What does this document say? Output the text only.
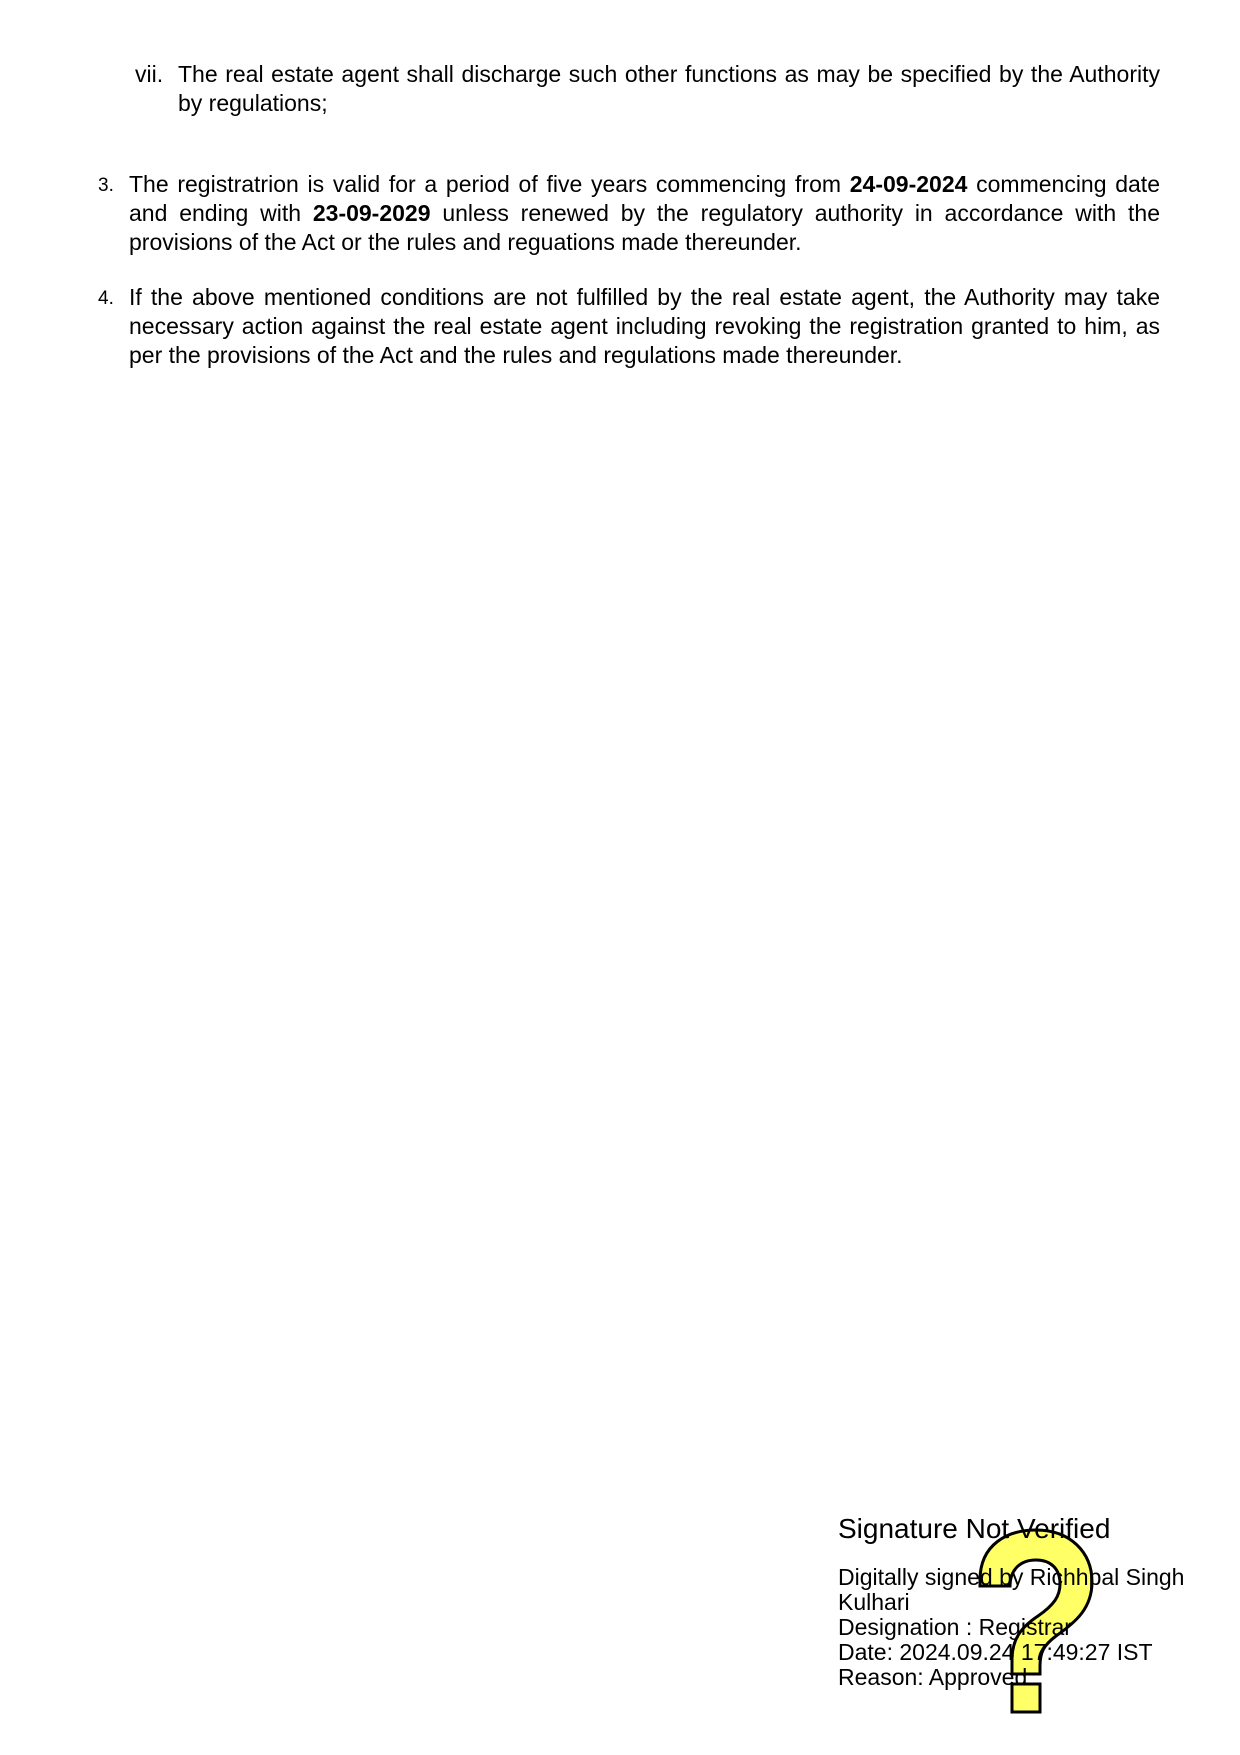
vii. The real estate agent shall discharge such other functions as may be specified by the Authority by regulations;

3. The registratrion is valid for a period of five years commencing from 24-09-2024 commencing date and ending with 23-09-2029 unless renewed by the regulatory authority in accordance with the provisions of the Act or the rules and reguations made thereunder.

4. If the above mentioned conditions are not fulfilled by the real estate agent, the Authority may take necessary action against the real estate agent including revoking the registration granted to him, as per the provisions of the Act and the rules and regulations made thereunder.

Signature Not Verified
Digitally signed by Richhpal Singh
Kulhari
Designation : Registrar
Date: 2024.09.24 17:49:27 IST
Reason: Approved
